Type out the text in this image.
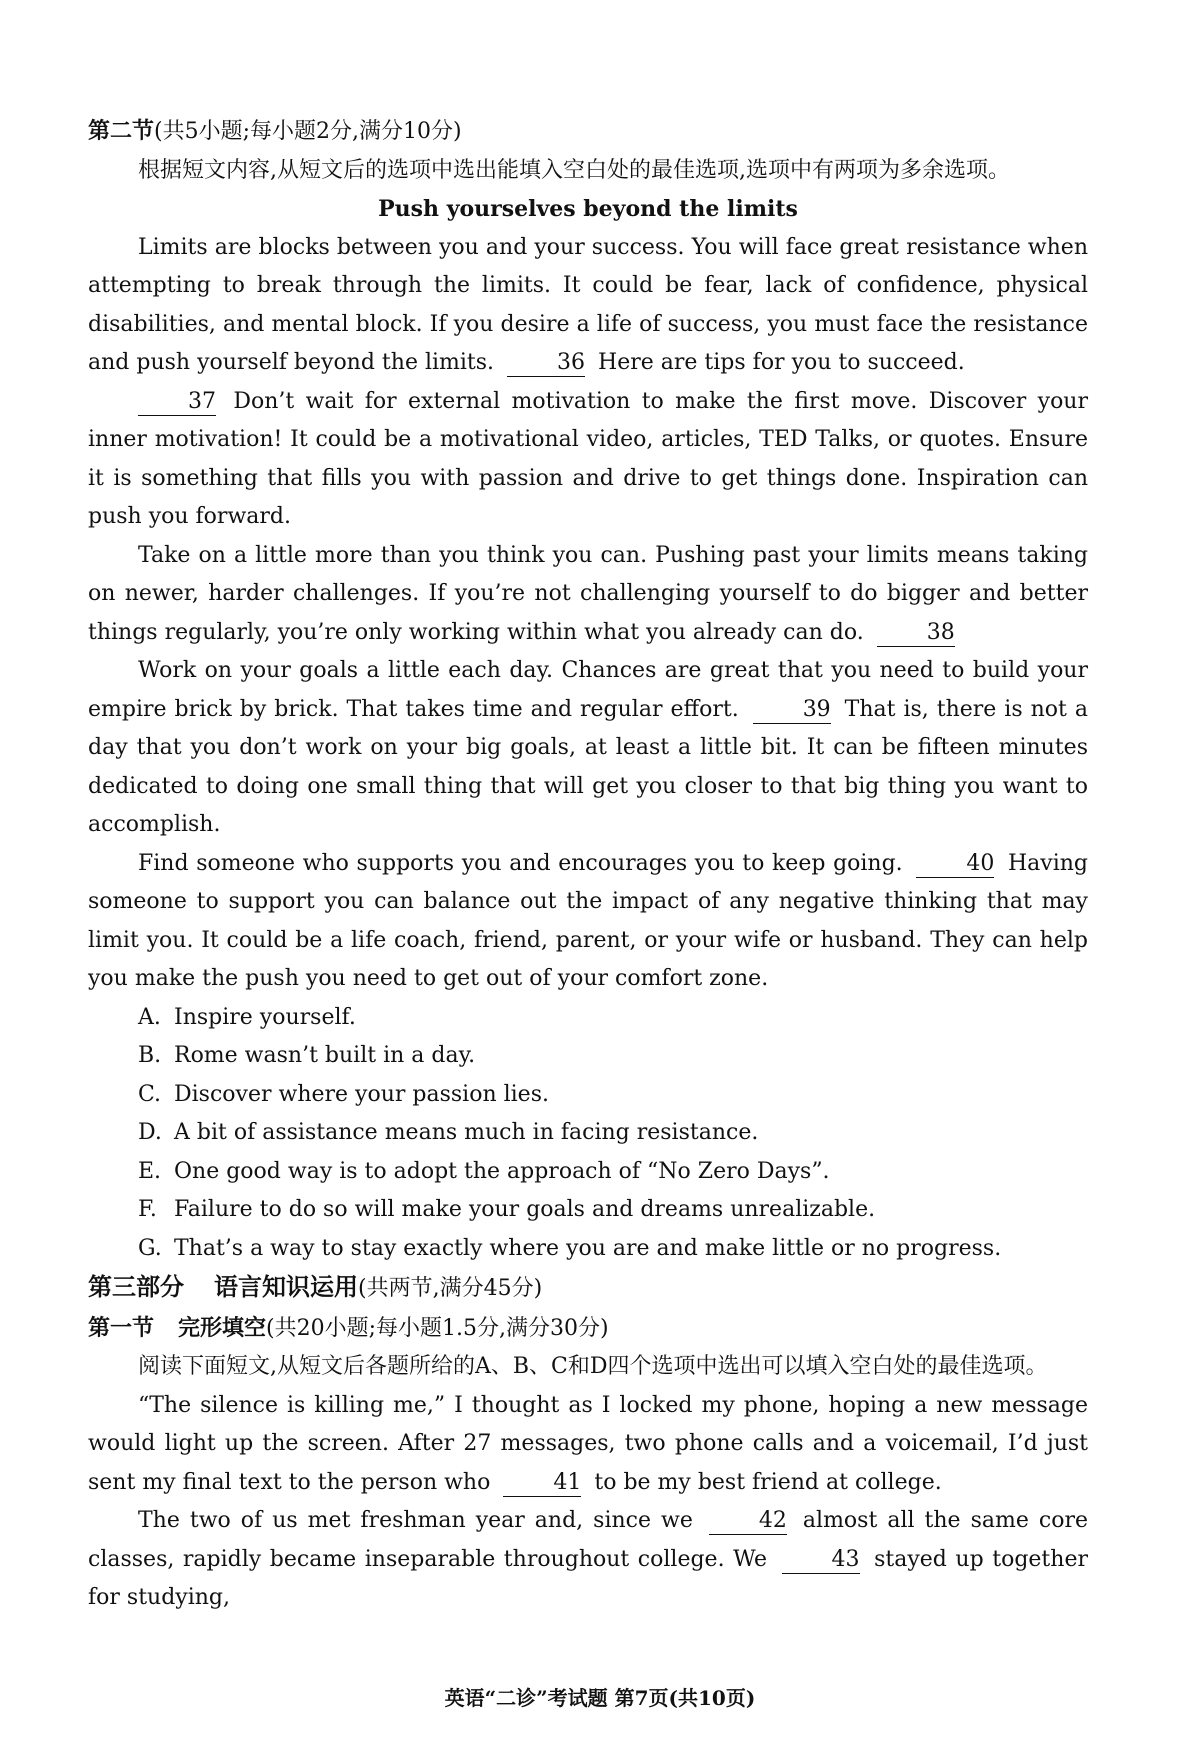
第二节(共5小题;每小题2分,满分10分)

根据短文内容,从短文后的选项中选出能填入空白处的最佳选项,选项中有两项为多余选项。

Push yourselves beyond the limits

Limits are blocks between you and your success. You will face great resistance when attempting to break through the limits. It could be fear, lack of confidence, physical disabilities, and mental block. If you desire a life of success, you must face the resistance and push yourself beyond the limits.	36 Here are tips for you to succeed.

37 Don’t wait for external motivation to make the first move. Discover your inner motivation! It could be a motivational video, articles, TED Talks, or quotes. Ensure it is something that fills you with passion and drive to get things done. Inspiration can push you forward.

Take on a little more than you think you can. Pushing past your limits means taking on newer, harder challenges. If you’re not challenging yourself to do bigger and better things regularly, you’re only working within what you already can do.	38

Work on your goals a little each day. Chances are great that you need to build your empire brick by brick. That takes time and regular effort.	39 That is, there is not a day that you don’t work on your big goals, at least a little bit. It can be fifteen minutes dedicated to doing one small thing that will get you closer to that big thing you want to accomplish.

Find someone who supports you and encourages you to keep going.	40 Having someone to support you can balance out the impact of any negative thinking that may limit you. It could be a life coach, friend, parent, or your wife or husband. They can help you make the push you need to get out of your comfort zone.

A. Inspire yourself.
B. Rome wasn’t built in a day.
C. Discover where your passion lies.
D. A bit of assistance means much in facing resistance.
E. One good way is to adopt the approach of “No Zero Days”.
F. Failure to do so will make your goals and dreams unrealizable.
G. That’s a way to stay exactly where you are and make little or no progress.

第三部分 语言知识运用(共两节,满分45分)

第一节 完形填空(共20小题;每小题1.5分,满分30分)

阅读下面短文,从短文后各题所给的A、B、C和D四个选项中选出可以填入空白处的最佳选项。

“The silence is killing me,” I thought as I locked my phone, hoping a new message would light up the screen. After 27 messages, two phone calls and a voicemail, I’d just sent my final text to the person who	41 to be my best friend at college.

The two of us met freshman year and, since we	42 almost all the same core classes, rapidly became inseparable throughout college. We	43 stayed up together for studying,

英语“二诊”考试题 第7页(共10页)
